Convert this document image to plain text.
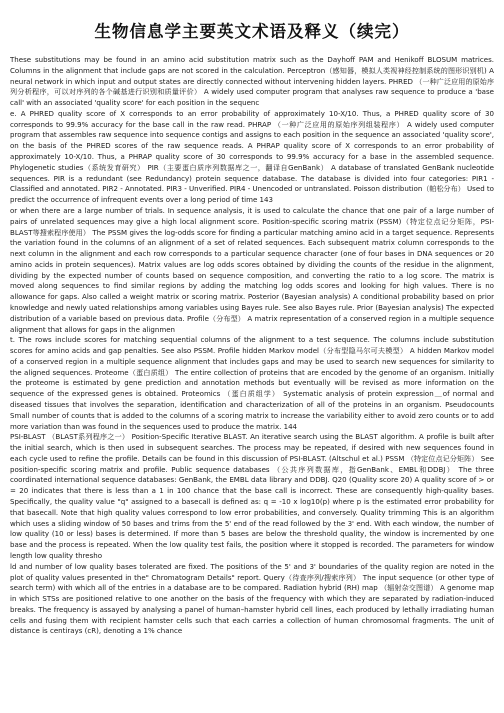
生物信息学主要英文术语及释义（续完）

These substitutions may be found in an amino acid substitution matrix such as the Dayhoff PAM and Henikoff BLOSUM matrices. Columns in the alignment that include gaps are not scored in the calculation. Perceptron（感知器，模拟人类视神经控制系统的图形识别机) A neural network in which input and output states are directly connected without intervening hidden layers. PHRED （一种广泛应用的原始序列分析程序，可以对序列的各个碱基进行识别和质量评价） A widely used computer program that analyses raw sequence to produce a 'base call' with an associated 'quality score' for each position in the sequenc

e. A PHRED quality score of X corresponds to an error probability of approximately 10-X/10. Thus, a PHRED quality score of 30 corresponds to 99.9% accuracy for the base call in the raw read. PHRAP （一种广泛应用的原始序列组装程序） A widely used computer program that assembles raw sequence into sequence contigs and assigns to each position in the sequence an associated 'quality score', on the basis of the PHRED scores of the raw sequence reads. A PHRAP quality score of X corresponds to an error probability of approximately 10-X/10. Thus, a PHRAP quality score of 30 corresponds to 99.9% accuracy for a base in the assembled sequence. Phylogenetic studies（系统发育研究） PIR（主要蛋白质序列数据库之一，翻译自GenBank） A database of translated GenBank nucleotide sequences. PIR is a redundant (see Redundancy) protein sequence database. The database is divided into four categories: PIR1 - Classified and annotated. PIR2 - Annotated. PIR3 - Unverified. PIR4 - Unencoded or untranslated. Poisson distribution（帕松分布） Used to predict the occurrence of infrequent events over a long period of time 143

or when there are a large number of trials. In sequence analysis, it is used to calculate the chance that one pair of a large number of pairs of unrelated sequences may give a high local alignment score. Position-specific scoring matrix (PSSM)（特定位点记分矩阵，PSI-BLAST等搜索程序使用） The PSSM gives the log-odds score for finding a particular matching amino acid in a target sequence. Represents the variation found in the columns of an alignment of a set of related sequences. Each subsequent matrix column corresponds to the next column in the alignment and each row corresponds to a particular sequence character (one of four bases in DNA sequences or 20 amino acids in protein sequences). Matrix values are log odds scores obtained by dividing the counts of the residue in the alignment, dividing by the expected number of counts based on sequence composition, and converting the ratio to a log score. The matrix is moved along sequences to find similar regions by adding the matching log odds scores and looking for high values. There is no allowance for gaps. Also called a weight matrix or scoring matrix. Posterior (Bayesian analysis) A conditional probability based on prior knowledge and newly uated relationships among variables using Bayes rule. See also Bayes rule. Prior (Bayesian analysis) The expected distribution of a variable based on previous data. Profile（分布型） A matrix representation of a conserved region in a multiple sequence alignment that allows for gaps in the alignmen

t. The rows include scores for matching sequential columns of the alignment to a test sequence. The columns include substitution scores for amino acids and gap penalties. See also PSSM. Profile hidden Markov model（分布型隐马尔可夫模型） A hidden Markov model of a conserved region in a multiple sequence alignment that includes gaps and may be used to search new sequences for similarity to the aligned sequences. Proteome（蛋白质组） The entire collection of proteins that are encoded by the genome of an organism. Initially the proteome is estimated by gene prediction and annotation methods but eventually will be revised as more information on the sequence of the expressed genes is obtained. Proteomics （蛋白质组学） Systematic analysis of protein expression＿of normal and diseased tissues that involves the separation, identification and characterization of all of the proteins in an organism. Pseudocounts Small number of counts that is added to the columns of a scoring matrix to increase the variability either to avoid zero counts or to add more variation than was found in the sequences used to produce the matrix. 144

PSI-BLAST （BLAST系列程序之一） Position-Specific Iterative BLAST. An iterative search using the BLAST algorithm. A profile is built after the initial search, which is then used in subsequent searches. The process may be repeated, if desired with new sequences found in each cycle used to refine the profile. Details can be found in this discussion of PSI-BLAST. (Altschul et al.) PSSM （特定位点记分矩阵） See position-specific scoring matrix and profile. Public sequence databases （公共序列数据库，指GenBank、EMBL和DDBJ） The three coordinated international sequence databases: GenBank, the EMBL data library and DDBJ. Q20 (Quality score 20) A quality score of > or = 20 indicates that there is less than a 1 in 100 chance that the base call is incorrect. These are consequently high-quality bases. Specifically, the quality value "q" assigned to a basecall is defined as: q = -10 x log10(p) where p is the estimated error probability for that basecall. Note that high quality values correspond to low error probabilities, and conversely. Quality trimming This is an algorithm which uses a sliding window of 50 bases and trims from the 5' end of the read followed by the 3' end. With each window, the number of low quality (10 or less) bases is determined. If more than 5 bases are below the threshold quality, the window is incremented by one base and the process is repeated. When the low quality test fails, the position where it stopped is recorded. The parameters for window length low quality thresho

ld and number of low quality bases tolerated are fixed. The positions of the 5' and 3' boundaries of the quality region are noted in the plot of quality values presented in the" Chromatogram Details" report. Query（待查序列/搜索序列） The input sequence (or other type of search term) with which all of the entries in a database are to be compared. Radiation hybrid (RH) map （辐射杂交图谱） A genome map in which STSs are positioned relative to one another on the basis of the frequency with which they are separated by radiation-induced breaks. The frequency is assayed by analysing a panel of human–hamster hybrid cell lines, each produced by lethally irradiating human cells and fusing them with recipient hamster cells such that each carries a collection of human chromosomal fragments. The unit of distance is centirays (cR), denoting a 1% chance
